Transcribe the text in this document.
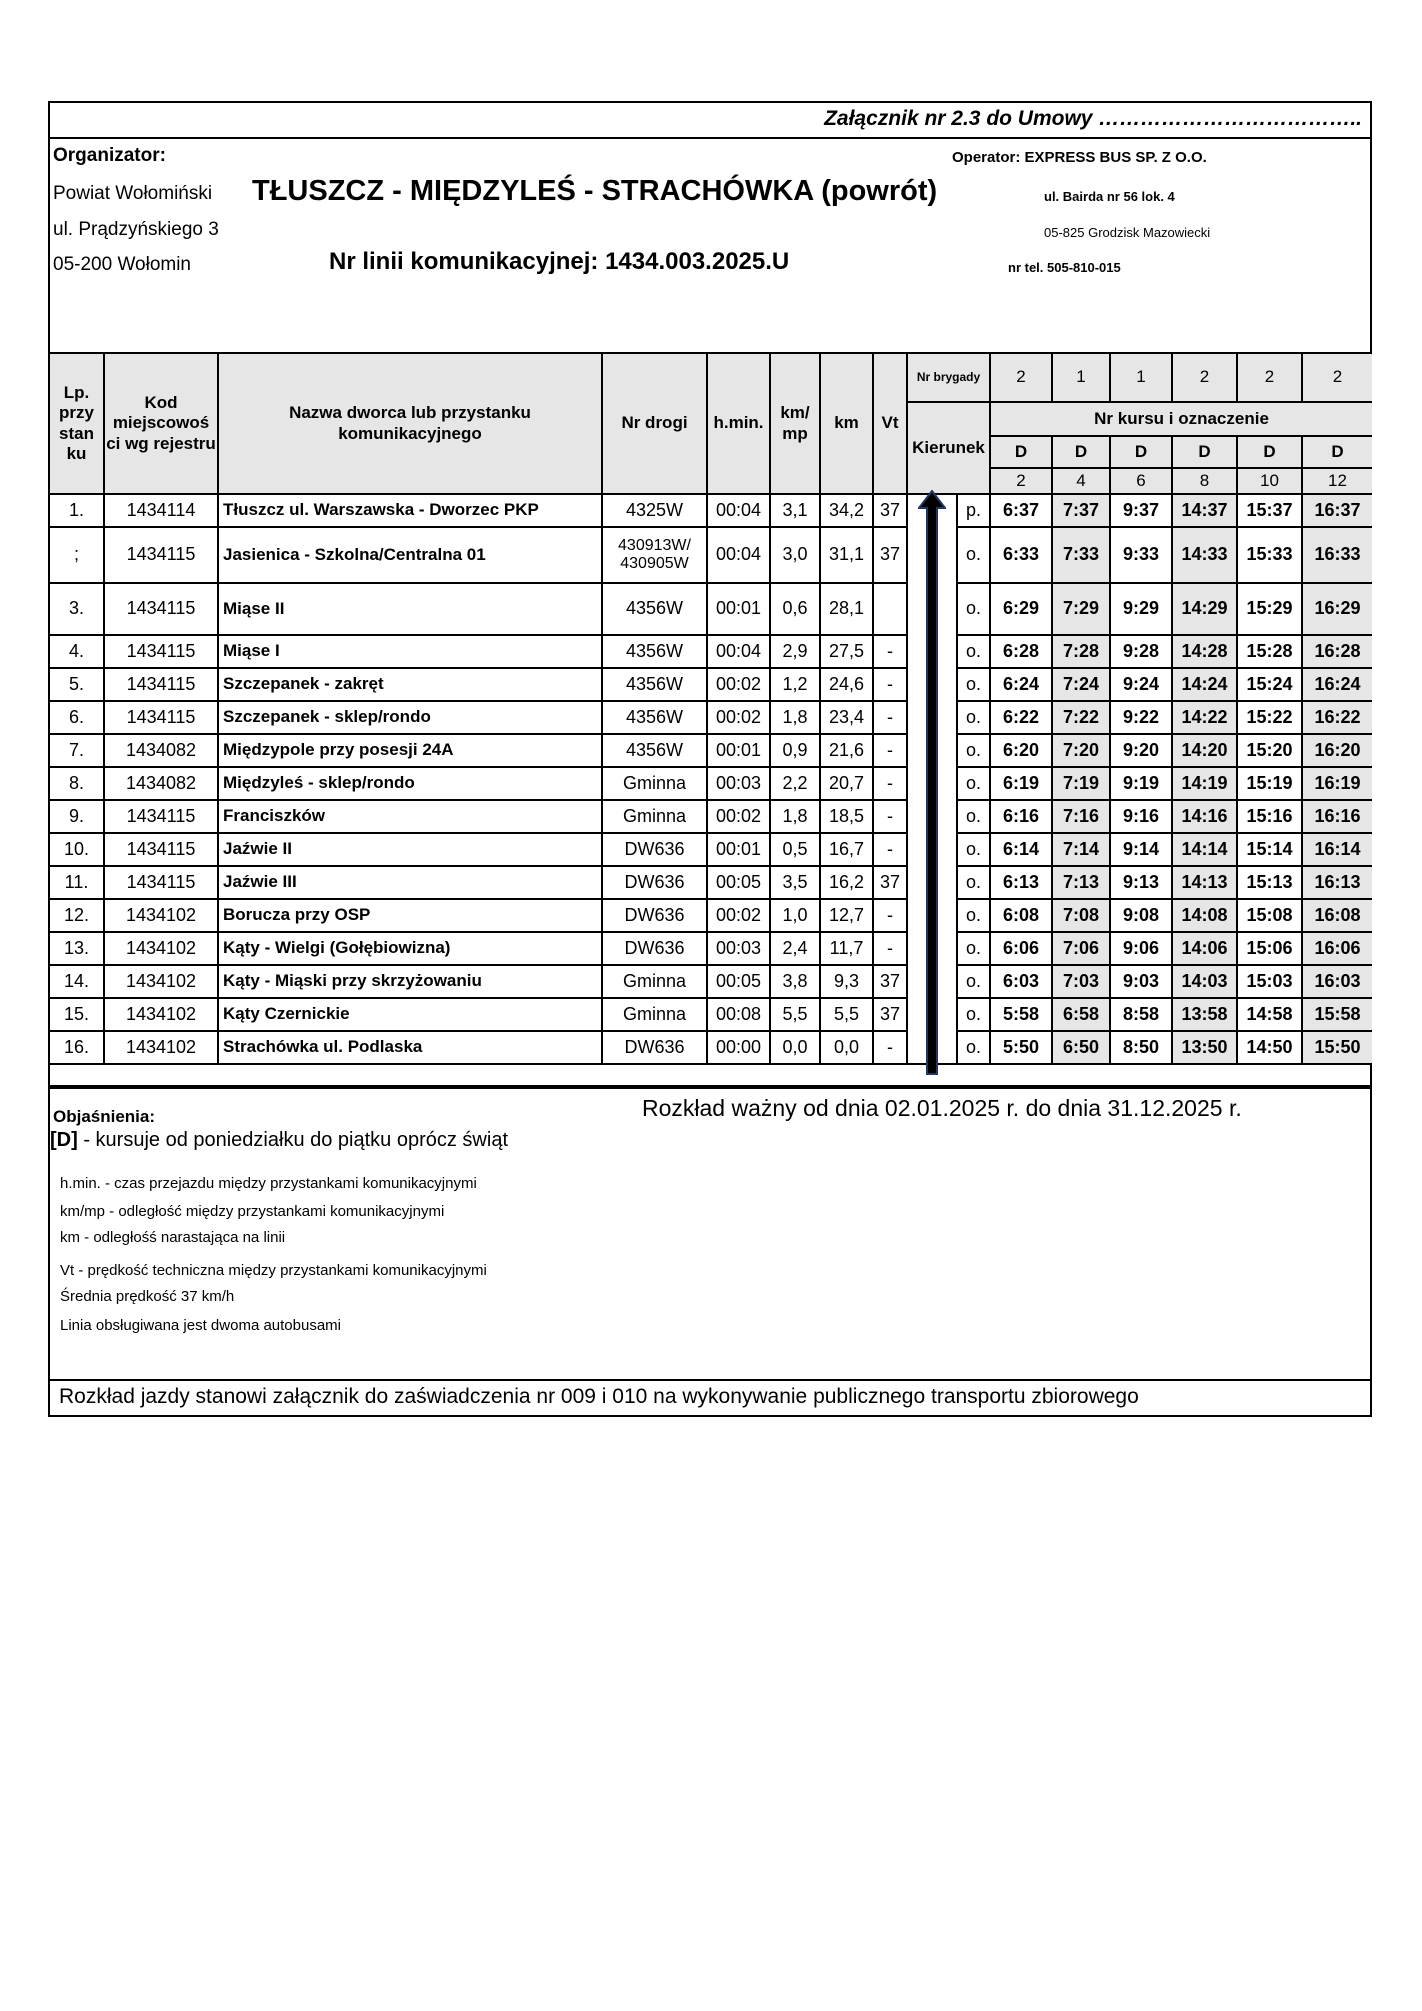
Załącznik nr 2.3 do Umowy ………………………………..
Organizator:
Powiat Wołomiński TŁUSZCZ - MIĘDZYLEŚ - STRACHÓWKA (powrót)
ul. Prądzyńskiego 3
05-200 Wołomin	Nr linii komunikacyjnej: 1434.003.2025.U
Operator: EXPRESS BUS SP. Z O.O.
ul. Bairda nr 56 lok. 4
05-825 Grodzisk Mazowiecki
nr tel. 505-810-015
Lp. przy stan ku	Kod miejscowoś ci wg rejestru	Nazwa dworca lub przystanku komunikacyjnego	Nr drogi	h.min.	km/ mp	km	Vt	Nr brygady		2	1	1	2	2	2
								Kierunek		Nr kursu i oznaczenie					
										D	D	D	D	D	D
										2	4	6	8	10	12
1.	1434114	Tłuszcz ul. Warszawska - Dworzec PKP	4325W	00:04	3,1	34,2	37		p.	6:37	7:37	9:37	14:37	15:37	16:37
;	1434115	Jasienica - Szkolna/Centralna 01	430913W/ 430905W	00:04	3,0	31,1	37		o.	6:33	7:33	9:33	14:33	15:33	16:33
3.	1434115	Miąse II	4356W	00:01	0,6	28,1			o.	6:29	7:29	9:29	14:29	15:29	16:29
4.	1434115	Miąse I	4356W	00:04	2,9	27,5	-		o.	6:28	7:28	9:28	14:28	15:28	16:28
5.	1434115	Szczepanek - zakręt	4356W	00:02	1,2	24,6	-		o.	6:24	7:24	9:24	14:24	15:24	16:24
6.	1434115	Szczepanek - sklep/rondo	4356W	00:02	1,8	23,4	-		o.	6:22	7:22	9:22	14:22	15:22	16:22
7.	1434082	Międzypole przy posesji 24A	4356W	00:01	0,9	21,6	-		o.	6:20	7:20	9:20	14:20	15:20	16:20
8.	1434082	Międzyleś - sklep/rondo	Gminna	00:03	2,2	20,7	-		o.	6:19	7:19	9:19	14:19	15:19	16:19
9.	1434115	Franciszków	Gminna	00:02	1,8	18,5	-		o.	6:16	7:16	9:16	14:16	15:16	16:16
10.	1434115	Jaźwie II	DW636	00:01	0,5	16,7	-		o.	6:14	7:14	9:14	14:14	15:14	16:14
11.	1434115	Jaźwie III	DW636	00:05	3,5	16,2	37		o.	6:13	7:13	9:13	14:13	15:13	16:13
12.	1434102	Borucza przy OSP	DW636	00:02	1,0	12,7	-		o.	6:08	7:08	9:08	14:08	15:08	16:08
13.	1434102	Kąty - Wielgi (Gołębiowizna)	DW636	00:03	2,4	11,7	-		o.	6:06	7:06	9:06	14:06	15:06	16:06
14.	1434102	Kąty - Miąski przy skrzyżowaniu	Gminna	00:05	3,8	9,3	37		o.	6:03	7:03	9:03	14:03	15:03	16:03
15.	1434102	Kąty Czernickie	Gminna	00:08	5,5	5,5	37		o.	5:58	6:58	8:58	13:58	14:58	15:58
16.	1434102	Strachówka ul. Podlaska	DW636	00:00	0,0	0,0	-		o.	5:50	6:50	8:50	13:50	14:50	15:50

Objaśnienia:
[D] - kursuje od poniedziałku do piątku oprócz świąt
h.min. - czas przejazdu między przystankami komunikacyjnymi
km/mp - odległość między przystankami komunikacyjnymi
km - odległośś narastająca na linii
Vt - prędkość techniczna między przystankami komunikacyjnymi
Średnia prędkość 37 km/h
Linia obsługiwana jest dwoma autobusami
Rozkład ważny od dnia 02.01.2025 r. do dnia 31.12.2025 r.
Rozkład jazdy stanowi załącznik do zaświadczenia nr 009 i 010 na wykonywanie publicznego transportu zbiorowego
